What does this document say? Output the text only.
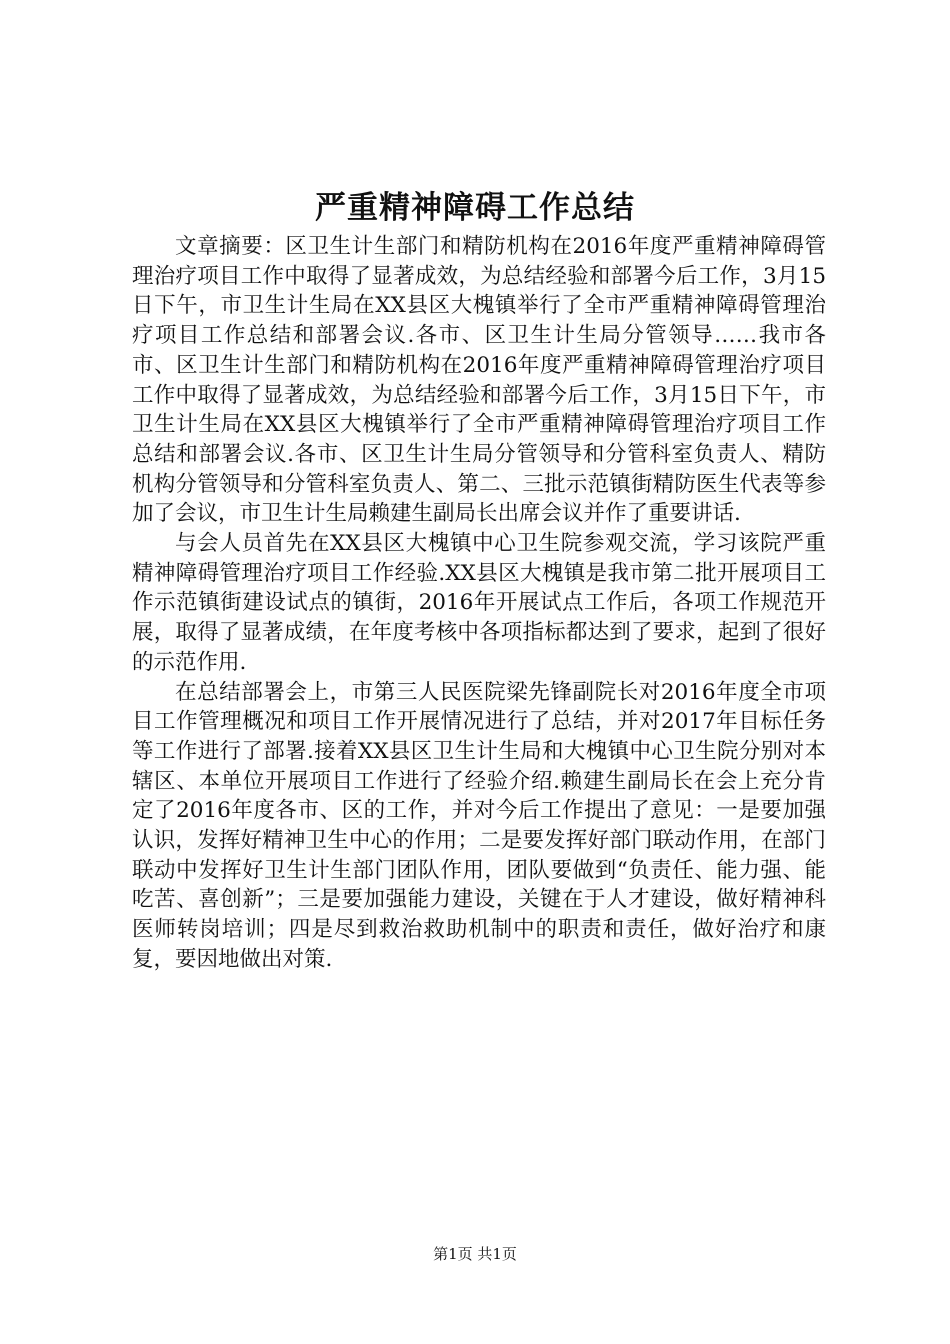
严重精神障碍工作总结

文章摘要：区卫生计生部门和精防机构在2016年度严重精神障碍管理治疗项目工作中取得了显著成效，为总结经验和部署今后工作，3月15日下午，市卫生计生局在XX县区大槐镇举行了全市严重精神障碍管理治疗项目工作总结和部署会议.各市、区卫生计生局分管领导……我市各市、区卫生计生部门和精防机构在2016年度严重精神障碍管理治疗项目工作中取得了显著成效，为总结经验和部署今后工作，3月15日下午，市卫生计生局在XX县区大槐镇举行了全市严重精神障碍管理治疗项目工作总结和部署会议.各市、区卫生计生局分管领导和分管科室负责人、精防机构分管领导和分管科室负责人、第二、三批示范镇街精防医生代表等参加了会议，市卫生计生局赖建生副局长出席会议并作了重要讲话.

与会人员首先在XX县区大槐镇中心卫生院参观交流，学习该院严重精神障碍管理治疗项目工作经验.XX县区大槐镇是我市第二批开展项目工作示范镇街建设试点的镇街，2016年开展试点工作后，各项工作规范开展，取得了显著成绩，在年度考核中各项指标都达到了要求，起到了很好的示范作用.

在总结部署会上，市第三人民医院梁先锋副院长对2016年度全市项目工作管理概况和项目工作开展情况进行了总结，并对2017年目标任务等工作进行了部署.接着XX县区卫生计生局和大槐镇中心卫生院分别对本辖区、本单位开展项目工作进行了经验介绍.赖建生副局长在会上充分肯定了2016年度各市、区的工作，并对今后工作提出了意见：一是要加强认识，发挥好精神卫生中心的作用；二是要发挥好部门联动作用，在部门联动中发挥好卫生计生部门团队作用，团队要做到“负责任、能力强、能吃苦、喜创新”；三是要加强能力建设，关键在于人才建设，做好精神科医师转岗培训；四是尽到救治救助机制中的职责和责任，做好治疗和康复，要因地做出对策.

第1页 共1页
